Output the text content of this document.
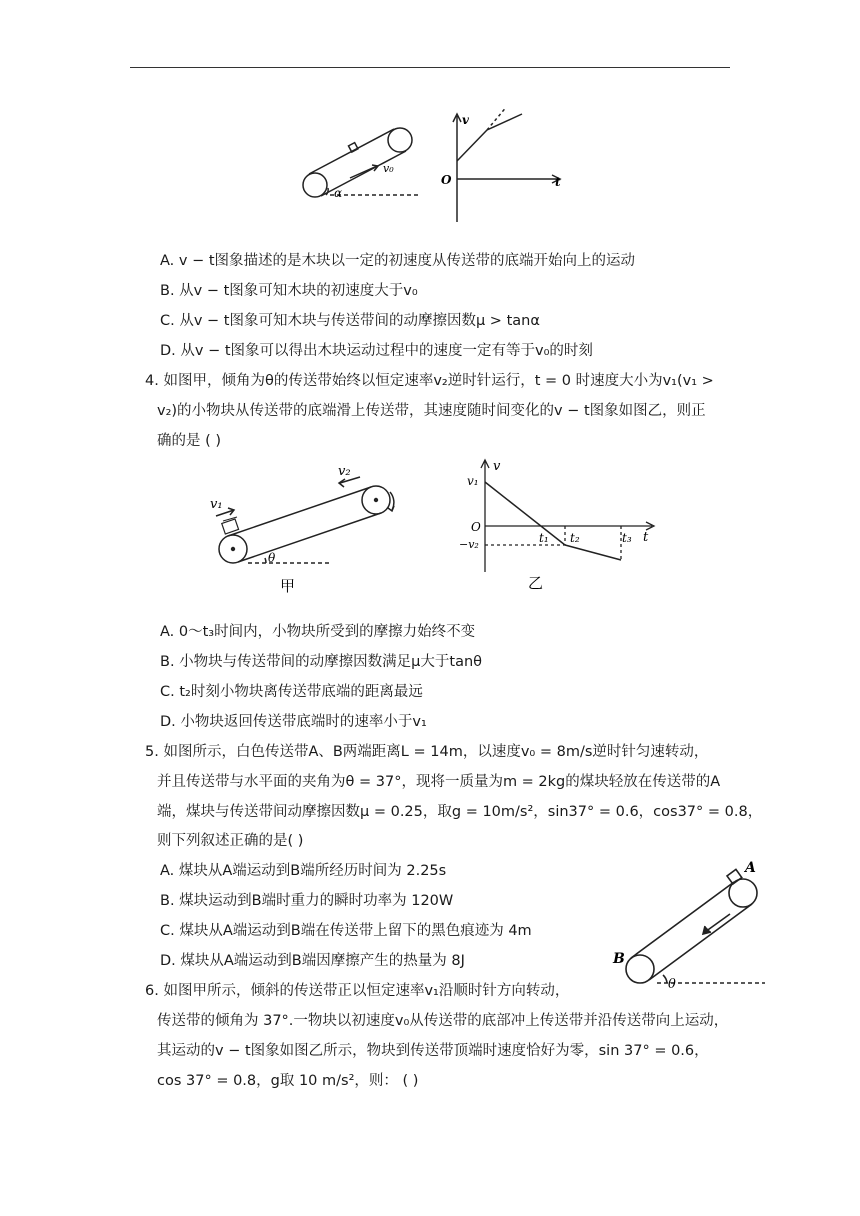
v₀
α
v
O	t
A. v − t图象描述的是木块以一定的初速度从传送带的底端开始向上的运动
B. 从v − t图象可知木块的初速度大于v₀
C. 从v − t图象可知木块与传送带间的动摩擦因数μ > tanα
D. 从v − t图象可以得出木块运动过程中的速度一定有等于v₀的时刻
4. 如图甲，倾角为θ的传送带始终以恒定速率v₂逆时针运行，t = 0 时速度大小为v₁(v₁ >
v₂)的小物块从传送带的底端滑上传送带，其速度随时间变化的v − t图象如图乙，则正
确的是 ( )
v₁
v₂
θ
甲
v
v₁
O
−v₂	t₁ t₂	t₃ t
乙
A. 0～t₃时间内，小物块所受到的摩擦力始终不变
B. 小物块与传送带间的动摩擦因数满足μ大于tanθ
C. t₂时刻小物块离传送带底端的距离最远
D. 小物块返回传送带底端时的速率小于v₁
5. 如图所示，白色传送带A、B两端距离L = 14m，以速度v₀ = 8m/s逆时针匀速转动，
并且传送带与水平面的夹角为θ = 37°，现将一质量为m = 2kg的煤块轻放在传送带的A
端，煤块与传送带间动摩擦因数μ = 0.25，取g = 10m/s²，sin37° = 0.6，cos37° = 0.8，
则下列叙述正确的是( )
A. 煤块从A端运动到B端所经历时间为 2.25s
B. 煤块运动到B端时重力的瞬时功率为 120W
C. 煤块从A端运动到B端在传送带上留下的黑色痕迹为 4m
D. 煤块从A端运动到B端因摩擦产生的热量为 8J
A
B
θ
6. 如图甲所示，倾斜的传送带正以恒定速率v₁沿顺时针方向转动，
传送带的倾角为 37°.一物块以初速度v₀从传送带的底部冲上传送带并沿传送带向上运动，
其运动的v − t图象如图乙所示，物块到传送带顶端时速度恰好为零，sin 37° = 0.6，
cos 37° = 0.8，g取 10 m/s²，则： ( )
